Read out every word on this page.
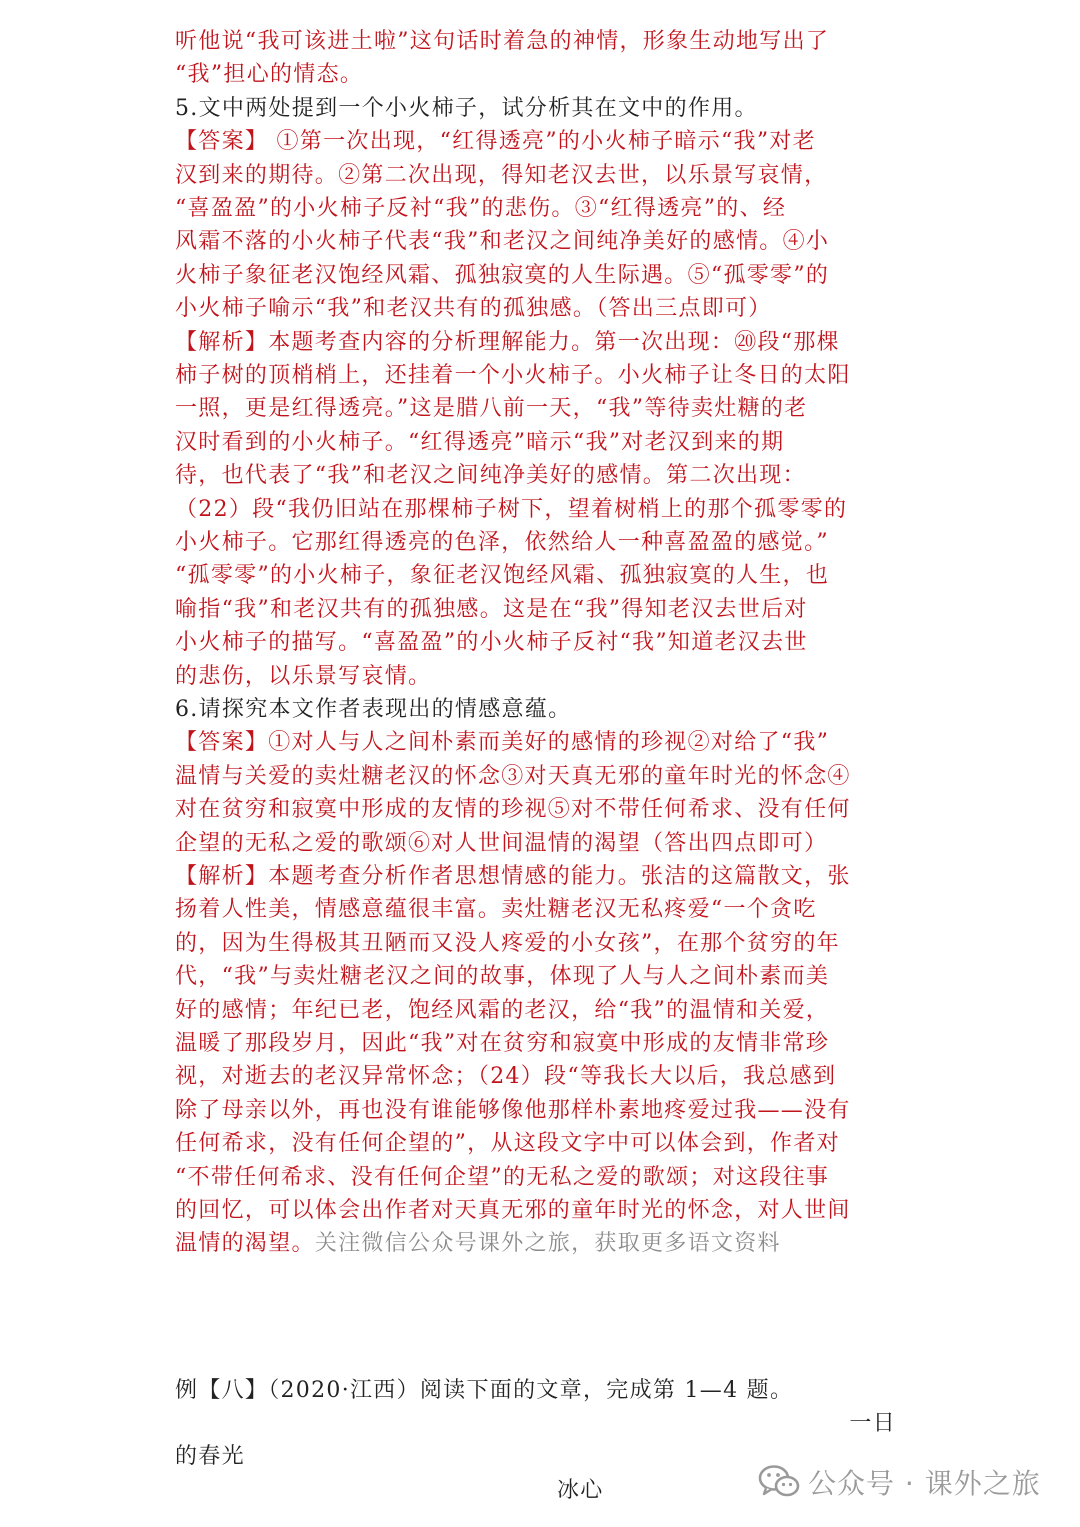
听他说“我可该进土啦”这句话时着急的神情，形象生动地写出了
“我”担心的情态。
5.文中两处提到一个小火柿子，试分析其在文中的作用。
【答案】 ①第一次出现，“红得透亮”的小火柿子暗示“我”对老
汉到来的期待。②第二次出现，得知老汉去世，以乐景写哀情，
“喜盈盈”的小火柿子反衬“我”的悲伤。③“红得透亮”的、经
风霜不落的小火柿子代表“我”和老汉之间纯净美好的感情。④小
火柿子象征老汉饱经风霜、孤独寂寞的人生际遇。⑤“孤零零”的
小火柿子喻示“我”和老汉共有的孤独感。（答出三点即可）
【解析】本题考查内容的分析理解能力。第一次出现：⑳段“那棵
柿子树的顶梢梢上，还挂着一个小火柿子。小火柿子让冬日的太阳
一照，更是红得透亮。”这是腊八前一天，“我”等待卖灶糖的老
汉时看到的小火柿子。“红得透亮”暗示“我”对老汉到来的期
待，也代表了“我”和老汉之间纯净美好的感情。第二次出现：
（22）段“我仍旧站在那棵柿子树下，望着树梢上的那个孤零零的
小火柿子。它那红得透亮的色泽，依然给人一种喜盈盈的感觉。”
“孤零零”的小火柿子，象征老汉饱经风霜、孤独寂寞的人生，也
喻指“我”和老汉共有的孤独感。这是在“我”得知老汉去世后对
小火柿子的描写。“喜盈盈”的小火柿子反衬“我”知道老汉去世
的悲伤，以乐景写哀情。
6.请探究本文作者表现出的情感意蕴。
【答案】①对人与人之间朴素而美好的感情的珍视②对给了“我”
温情与关爱的卖灶糖老汉的怀念③对天真无邪的童年时光的怀念④
对在贫穷和寂寞中形成的友情的珍视⑤对不带任何希求、没有任何
企望的无私之爱的歌颂⑥对人世间温情的渴望（答出四点即可）
【解析】本题考查分析作者思想情感的能力。张洁的这篇散文，张
扬着人性美，情感意蕴很丰富。卖灶糖老汉无私疼爱“一个贪吃
的，因为生得极其丑陋而又没人疼爱的小女孩”，在那个贫穷的年
代，“我”与卖灶糖老汉之间的故事，体现了人与人之间朴素而美
好的感情；年纪已老，饱经风霜的老汉，给“我”的温情和关爱，
温暖了那段岁月，因此“我”对在贫穷和寂寞中形成的友情非常珍
视，对逝去的老汉异常怀念；（24）段“等我长大以后，我总感到
除了母亲以外，再也没有谁能够像他那样朴素地疼爱过我——没有
任何希求，没有任何企望的”，从这段文字中可以体会到，作者对
“不带任何希求、没有任何企望”的无私之爱的歌颂；对这段往事
的回忆，可以体会出作者对天真无邪的童年时光的怀念，对人世间
温情的渴望。关注微信公众号课外之旅，获取更多语文资料
例【八】（2020·江西）阅读下面的文章，完成第 1—4 题。
一日
的春光
冰心	公众号 · 课外之旅
